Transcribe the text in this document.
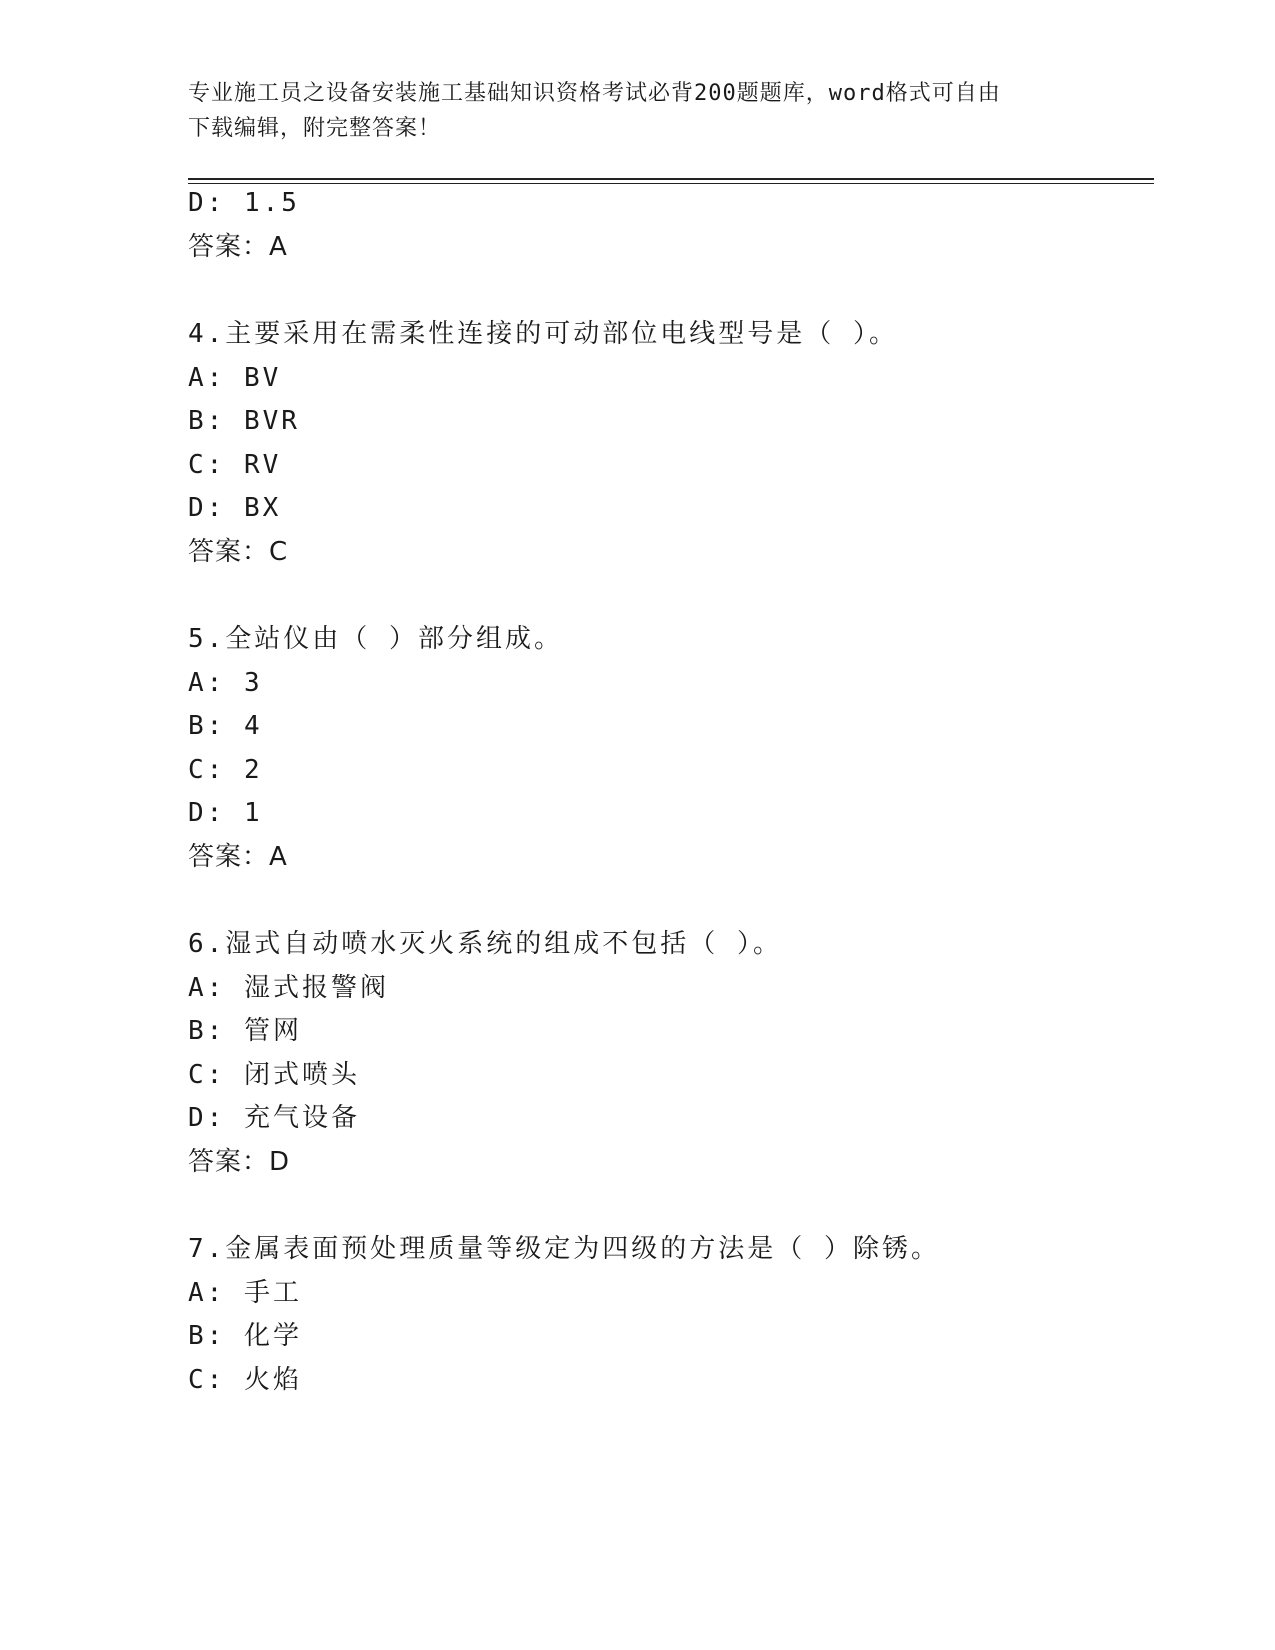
专业施工员之设备安装施工基础知识资格考试必背200题题库，word格式可自由
下载编辑，附完整答案！
D: 1.5
答案：A
4.主要采用在需柔性连接的可动部位电线型号是（ ）。
A: BV
B: BVR
C: RV
D: BX
答案：C
5.全站仪由（ ）部分组成。
A: 3
B: 4
C: 2
D: 1
答案：A
6.湿式自动喷水灭火系统的组成不包括（ ）。
A: 湿式报警阀
B: 管网
C: 闭式喷头
D: 充气设备
答案：D
7.金属表面预处理质量等级定为四级的方法是（ ）除锈。
A: 手工
B: 化学
C: 火焰
